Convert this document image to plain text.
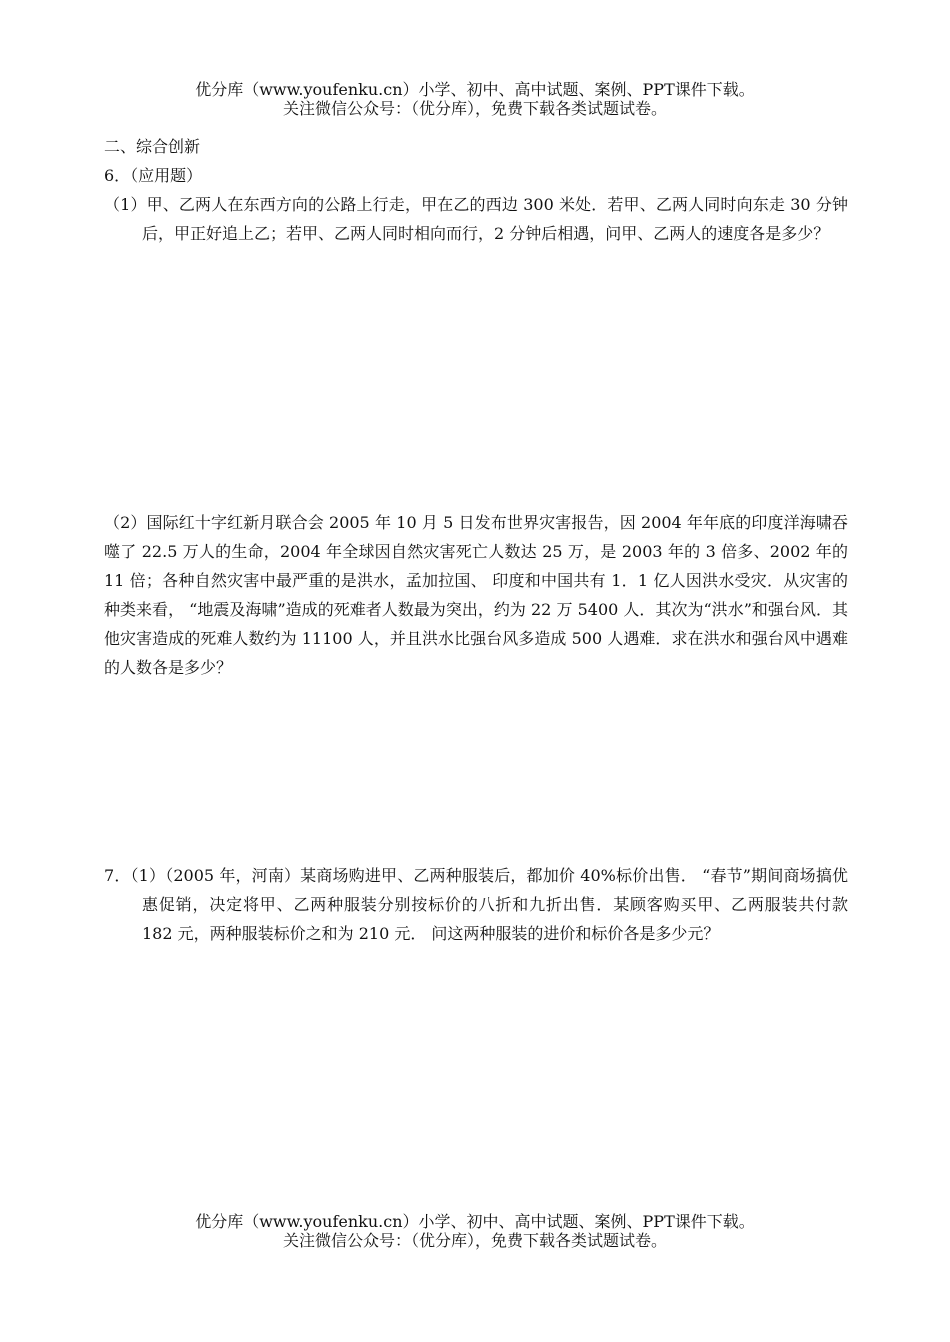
优分库（www.youfenku.cn）小学、初中、高中试题、案例、PPT课件下载。
关注微信公众号：（优分库），免费下载各类试题试卷。

二、综合创新

6．（应用题）

（1）甲、乙两人在东西方向的公路上行走，甲在乙的西边 300 米处．若甲、乙两人同时向东走 30 分钟后，甲正好追上乙；若甲、乙两人同时相向而行，2 分钟后相遇，问甲、乙两人的速度各是多少？

（2）国际红十字红新月联合会 2005 年 10 月 5 日发布世界灾害报告，因 2004 年年底的印度洋海啸吞噬了 22.5 万人的生命，2004 年全球因自然灾害死亡人数达 25 万，是 2003 年的 3 倍多、2002 年的 11 倍；各种自然灾害中最严重的是洪水，孟加拉国、 印度和中国共有 1．1 亿人因洪水受灾．从灾害的种类来看， “地震及海啸”造成的死难者人数最为突出，约为 22 万 5400 人．其次为“洪水”和强台风．其他灾害造成的死难人数约为 11100 人，并且洪水比强台风多造成 500 人遇难．求在洪水和强台风中遇难的人数各是多少？

7．（1）（2005 年，河南）某商场购进甲、乙两种服装后，都加价 40%标价出售． “春节”期间商场搞优惠促销，决定将甲、乙两种服装分别按标价的八折和九折出售．某顾客购买甲、乙两服装共付款 182 元，两种服装标价之和为 210 元． 问这两种服装的进价和标价各是多少元？

优分库（www.youfenku.cn）小学、初中、高中试题、案例、PPT课件下载。
关注微信公众号：（优分库），免费下载各类试题试卷。
